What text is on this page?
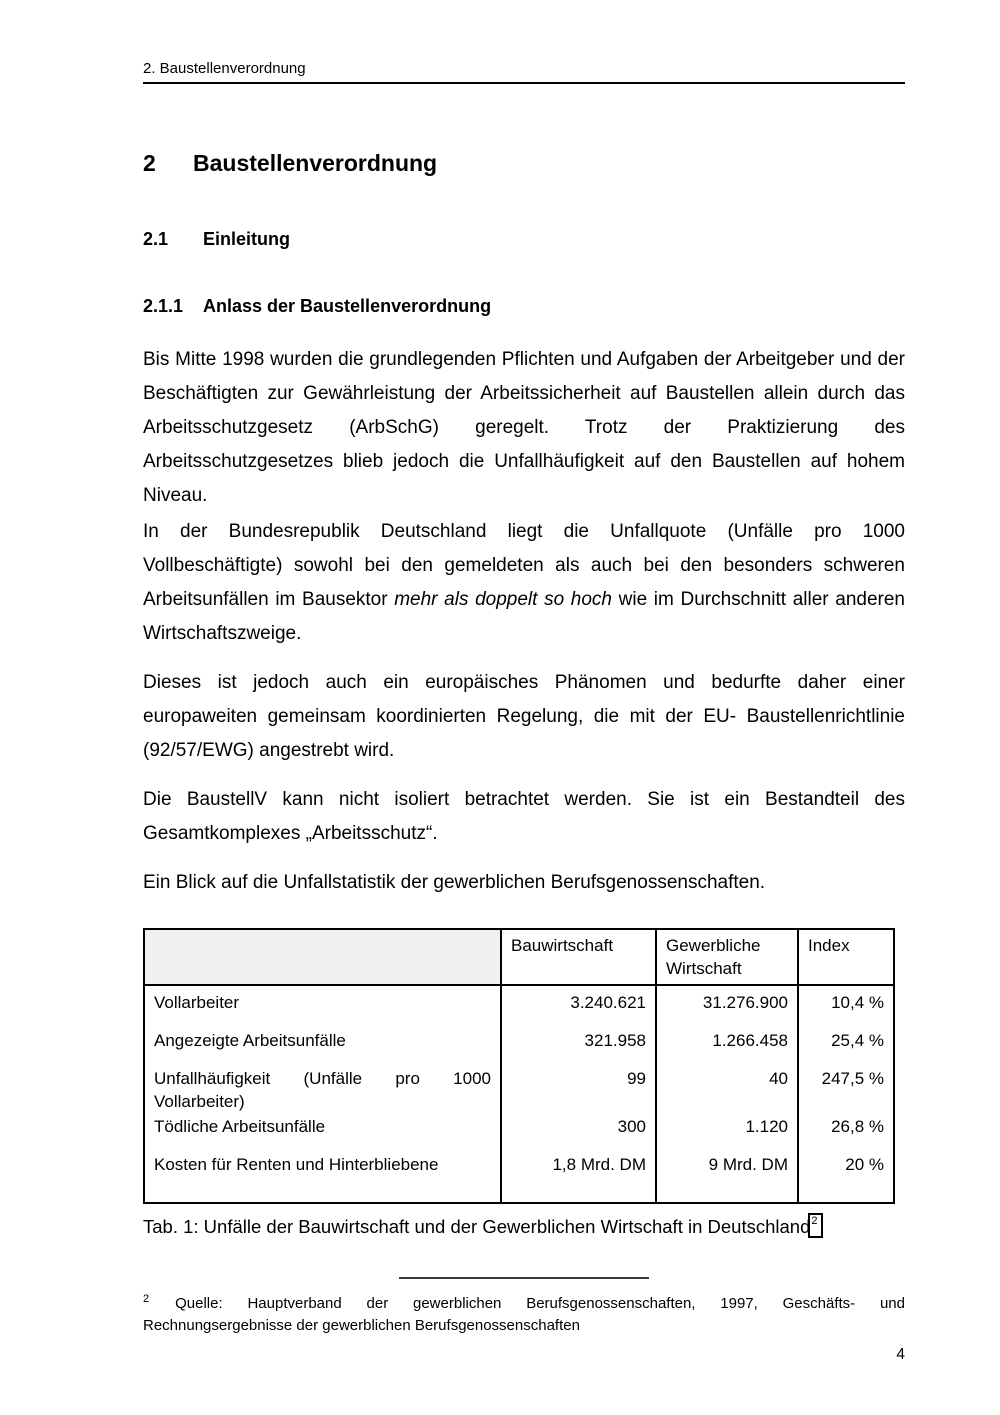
2. Baustellenverordnung
2	Baustellenverordnung
2.1	Einleitung
2.1.1	Anlass der Baustellenverordnung

Bis Mitte 1998 wurden die grundlegenden Pflichten und Aufgaben der Arbeitgeber und der Beschäftigten zur Gewährleistung der Arbeitssicherheit auf Baustellen allein durch das Arbeitsschutzgesetz (ArbSchG) geregelt. Trotz der Praktizierung des Arbeitsschutzgesetzes blieb jedoch die Unfallhäufigkeit auf den Baustellen auf hohem Niveau.

In der Bundesrepublik Deutschland liegt die Unfallquote (Unfälle pro 1000 Vollbeschäftigte) sowohl bei den gemeldeten als auch bei den besonders schweren Arbeitsunfällen im Bausektor mehr als doppelt so hoch wie im Durchschnitt aller anderen Wirtschaftszweige.

Dieses ist jedoch auch ein europäisches Phänomen und bedurfte daher einer europaweiten gemeinsam koordinierten Regelung, die mit der EU- Baustellenrichtlinie (92/57/EWG) angestrebt wird.

Die BaustellV kann nicht isoliert betrachtet werden. Sie ist ein Bestandteil des Gesamtkomplexes „Arbeitsschutz“.

Ein Blick auf die Unfallstatistik der gewerblichen Berufsgenossenschaften.

	Bauwirtschaft	Gewerbliche Wirtschaft	Index
Vollarbeiter	3.240.621	31.276.900	10,4 %
Angezeigte Arbeitsunfälle	321.958	1.266.458	25,4 %
Unfallhäufigkeit (Unfälle pro 1000 Vollarbeiter)	99	40	247,5 %
Tödliche Arbeitsunfälle	300	1.120	26,8 %
Kosten für Renten und Hinterbliebene	1,8 Mrd. DM	9 Mrd. DM	20 %
Tab. 1: Unfälle der Bauwirtschaft und der Gewerblichen Wirtschaft in Deutschland2
$^2$ Quelle: Hauptverband der gewerblichen Berufsgenossenschaften, 1997, Geschäfts- und Rechnungsergebnisse der gewerblichen Berufsgenossenschaften
4
